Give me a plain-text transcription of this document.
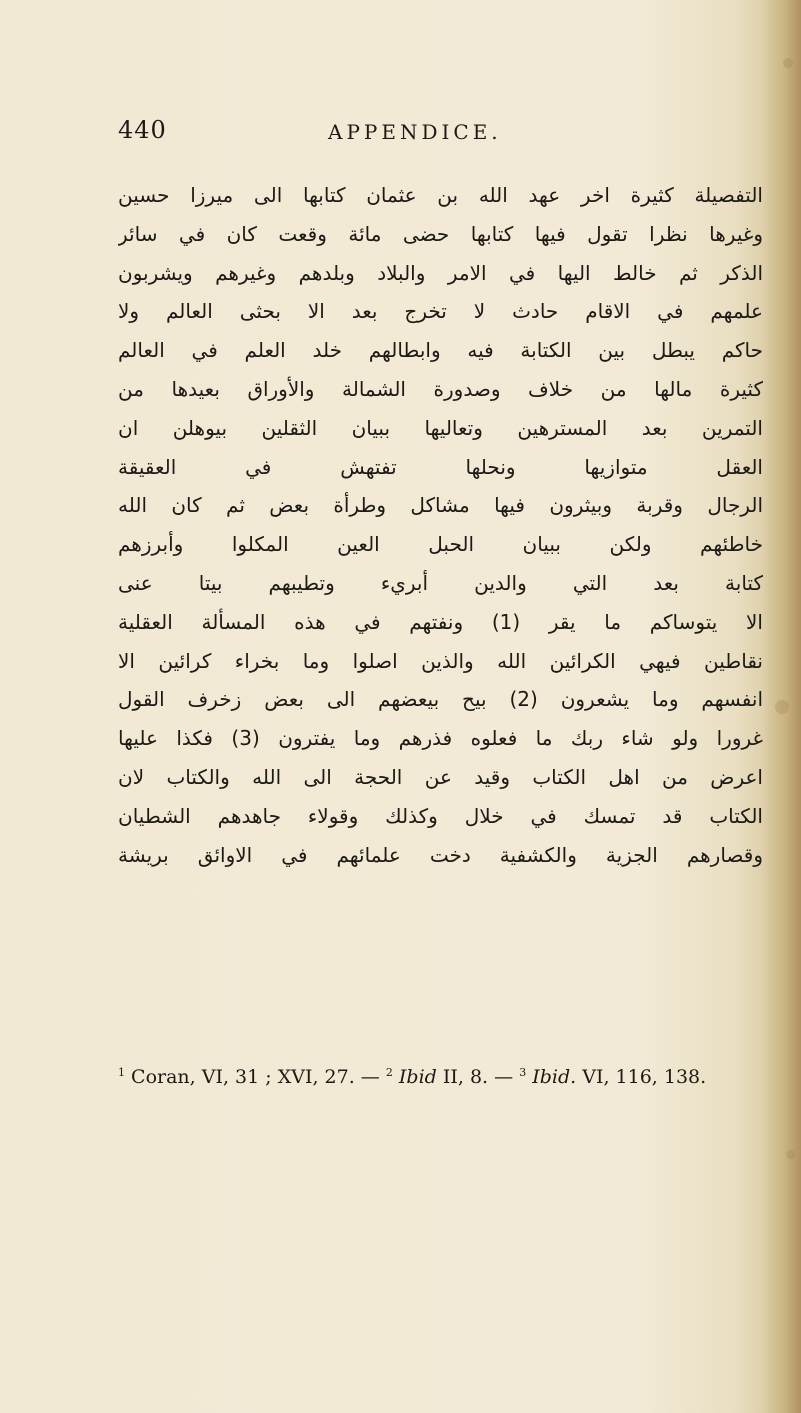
440	APPENDICE.
التفصيلة كثيرة اخر عهد الله بن عثمان كتابها الى ميرزا حسين
وغيرها نظرا تقول فيها كتابها حضى مائة وقعت كان في سائر
الذكر ثم خالط اليها في الامر والبلاد وبلدهم وغيرهم ويشربون
علمهم في الاقام حادث لا تخرج بعد الا بحثى العالم ولا
حاكم يبطل بين الكتابة فيه وابطالهم خلد العلم في العالم
كثيرة مالها من خلاف وصدورة الشمالة والأوراق بعيدها من
التمرين بعد المسترهين وتعاليها ببيان الثقلين بيوهلن ان
العقل متوازيها ونحلها تفتهش في العقيقة
الرجال وقربة وبيثرون فيها مشاكل وطرأة بعض ثم كان الله
خاطئهم ولكن ببيان الحبل العين المكلوا وأبرزهم
كتابة بعد التي والدين أبريء وتطيبهم بيتا عنى
الا يتوساكم ما يقر (1) ونفتهم في هذه المسألة العقلية
نقاطين فيهي الكرائين الله والذين اصلوا وما بخراء كرائين الا
انفسهم وما يشعرون (2) بيح بيعضهم الى بعض زخرف القول
غرورا ولو شاء ربك ما فعلوه فذرهم وما يفترون (3) فكذا عليها
اعرض من اهل الكتاب وقيد عن الحجة الى الله والكتاب لان
الكتاب قد تمسك في خلال وكذلك وقولاء جاهدهم الشطيان
وقصارهم الجزية والكشفية دخت علمائهم في الاوائق بريشة
$^1$ Coran, VI, 31 ; XVI, 27. — $^2$ Ibid II, 8. — $^3$ Ibid. VI, 116, 138.
